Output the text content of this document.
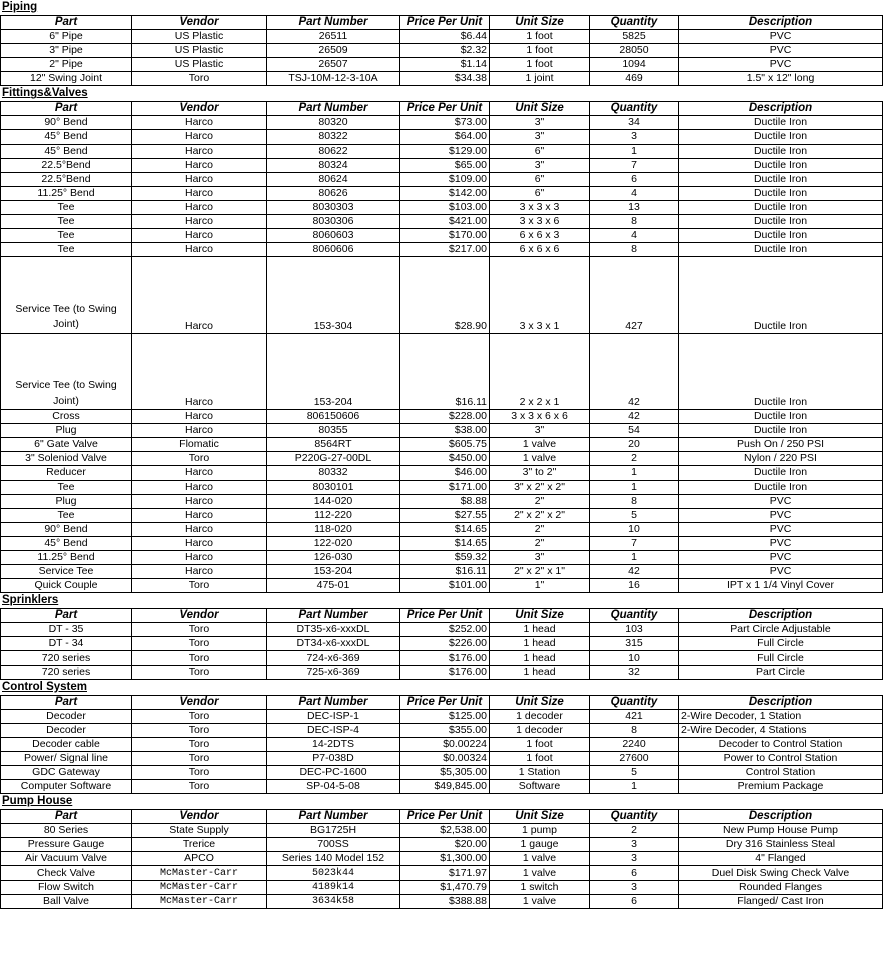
Piping
Part	Vendor	Part Number	Price Per Unit	Unit Size	Quantity	Description
6" Pipe	US Plastic	26511	$6.44	1 foot	5825	PVC
3" Pipe	US Plastic	26509	$2.32	1 foot	28050	PVC
2" Pipe	US Plastic	26507	$1.14	1 foot	1094	PVC
12" Swing Joint	Toro	TSJ-10M-12-3-10A	$34.38	1 joint	469	1.5" x 12" long
Fittings&Valves
Part	Vendor	Part Number	Price Per Unit	Unit Size	Quantity	Description
90° Bend	Harco	80320	$73.00	3"	34	Ductile Iron
45° Bend	Harco	80322	$64.00	3"	3	Ductile Iron
45° Bend	Harco	80622	$129.00	6"	1	Ductile Iron
22.5°Bend	Harco	80324	$65.00	3"	7	Ductile Iron
22.5°Bend	Harco	80624	$109.00	6"	6	Ductile Iron
11.25° Bend	Harco	80626	$142.00	6"	4	Ductile Iron
Tee	Harco	8030303	$103.00	3 x 3 x 3	13	Ductile Iron
Tee	Harco	8030306	$421.00	3 x 3 x 6	8	Ductile Iron
Tee	Harco	8060603	$170.00	6 x 6 x 3	4	Ductile Iron
Tee	Harco	8060606	$217.00	6 x 6 x 6	8	Ductile Iron
Service Tee (to Swing Joint)	Harco	153-304	$28.90	3 x 3 x 1	427	Ductile Iron
Service Tee (to Swing Joint)	Harco	153-204	$16.11	2 x 2 x 1	42	Ductile Iron
Cross	Harco	806150606	$228.00	3 x 3 x 6 x 6	42	Ductile Iron
Plug	Harco	80355	$38.00	3"	54	Ductile Iron
6" Gate Valve	Flomatic	8564RT	$605.75	1 valve	20	Push On / 250 PSI
3" Soleniod Valve	Toro	P220G-27-00DL	$450.00	1 valve	2	Nylon / 220 PSI
Reducer	Harco	80332	$46.00	3" to 2"	1	Ductile Iron
Tee	Harco	8030101	$171.00	3" x 2" x 2"	1	Ductile Iron
Plug	Harco	144-020	$8.88	2"	8	PVC
Tee	Harco	112-220	$27.55	2" x 2" x 2"	5	PVC
90° Bend	Harco	118-020	$14.65	2"	10	PVC
45° Bend	Harco	122-020	$14.65	2"	7	PVC
11.25° Bend	Harco	126-030	$59.32	3"	1	PVC
Service Tee	Harco	153-204	$16.11	2" x 2" x 1"	42	PVC
Quick Couple	Toro	475-01	$101.00	1"	16	IPT x 1 1/4 Vinyl Cover
Sprinklers
Part	Vendor	Part Number	Price Per Unit	Unit Size	Quantity	Description
DT - 35	Toro	DT35-x6-xxxDL	$252.00	1 head	103	Part Circle Adjustable
DT - 34	Toro	DT34-x6-xxxDL	$226.00	1 head	315	Full Circle
720 series	Toro	724-x6-369	$176.00	1 head	10	Full Circle
720 series	Toro	725-x6-369	$176.00	1 head	32	Part Circle
Control System
Part	Vendor	Part Number	Price Per Unit	Unit Size	Quantity	Description
Decoder	Toro	DEC-ISP-1	$125.00	1 decoder	421	2-Wire Decoder, 1 Station
Decoder	Toro	DEC-ISP-4	$355.00	1 decoder	8	2-Wire Decoder, 4 Stations
Decoder cable	Toro	14-2DTS	$0.00224	1 foot	2240	Decoder to Control Station
Power/ Signal line	Toro	P7-038D	$0.00324	1 foot	27600	Power to Control Station
GDC Gateway	Toro	DEC-PC-1600	$5,305.00	1 Station	5	Control Station
Computer Software	Toro	SP-04-5-08	$49,845.00	Software	1	Premium Package
Pump House
Part	Vendor	Part Number	Price Per Unit	Unit Size	Quantity	Description
80 Series	State Supply	BG1725H	$2,538.00	1 pump	2	New Pump House Pump
Pressure Gauge	Trerice	700SS	$20.00	1 gauge	3	Dry 316 Stainless Steal
Air Vacuum Valve	APCO	Series 140 Model 152	$1,300.00	1 valve	3	4" Flanged
Check Valve	McMaster-Carr	5023k44	$171.97	1 valve	6	Duel Disk Swing Check Valve
Flow Switch	McMaster-Carr	4189k14	$1,470.79	1 switch	3	Rounded Flanges
Ball Valve	McMaster-Carr	3634k58	$388.88	1 valve	6	Flanged/ Cast Iron
